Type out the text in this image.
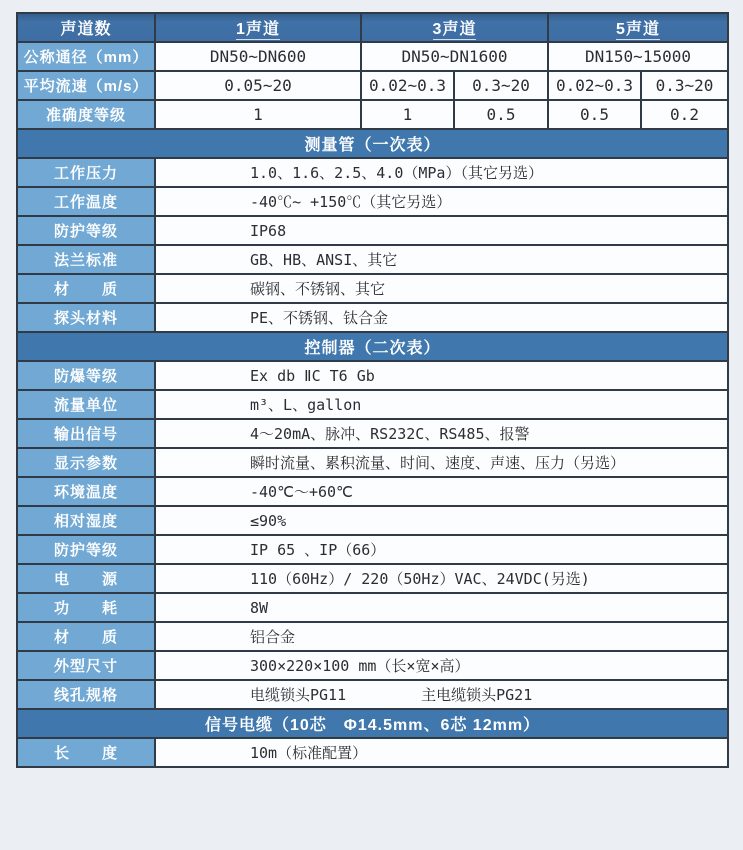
声道数	1声道	3声道		5声道	
公称通径（mm）	DN50~DN600	DN50~DN1600		DN150~15000	
平均流速（m/s）	0.05~20	0.02~0.3	0.3~20	0.02~0.3	0.3~20
准确度等级	1	1	0.5	0.5	0.2
测量管（一次表）					
工作压力	1.0、1.6、2.5、4.0（MPa）（其它另选）				
工作温度	-40℃~ +150℃（其它另选）				
防护等级	IP68				
法兰标准	GB、HB、ANSI、其它				
材　　质	碳钢、不锈钢、其它				
探头材料	PE、不锈钢、钛合金				
控制器（二次表）					
防爆等级	Ex db ⅡC T6 Gb				
流量单位	m³、L、gallon				
输出信号	4～20mA、脉冲、RS232C、RS485、报警				
显示参数	瞬时流量、累积流量、时间、速度、声速、压力（另选）				
环境温度	-40℃～+60℃				
相对湿度	≤90%				
防护等级	IP 65 、IP（66）				
电　　源	110（60Hz）/ 220（50Hz）VAC、24VDC(另选)				
功　　耗	8W				
材　　质	铝合金				
外型尺寸	300×220×100 mm（长×宽×高）				
线孔规格	电缆锁头PG11　　　　　主电缆锁头PG21				
信号电缆（10芯　Φ14.5mm、6芯 12mm）					
长　　度	10m（标准配置）				
